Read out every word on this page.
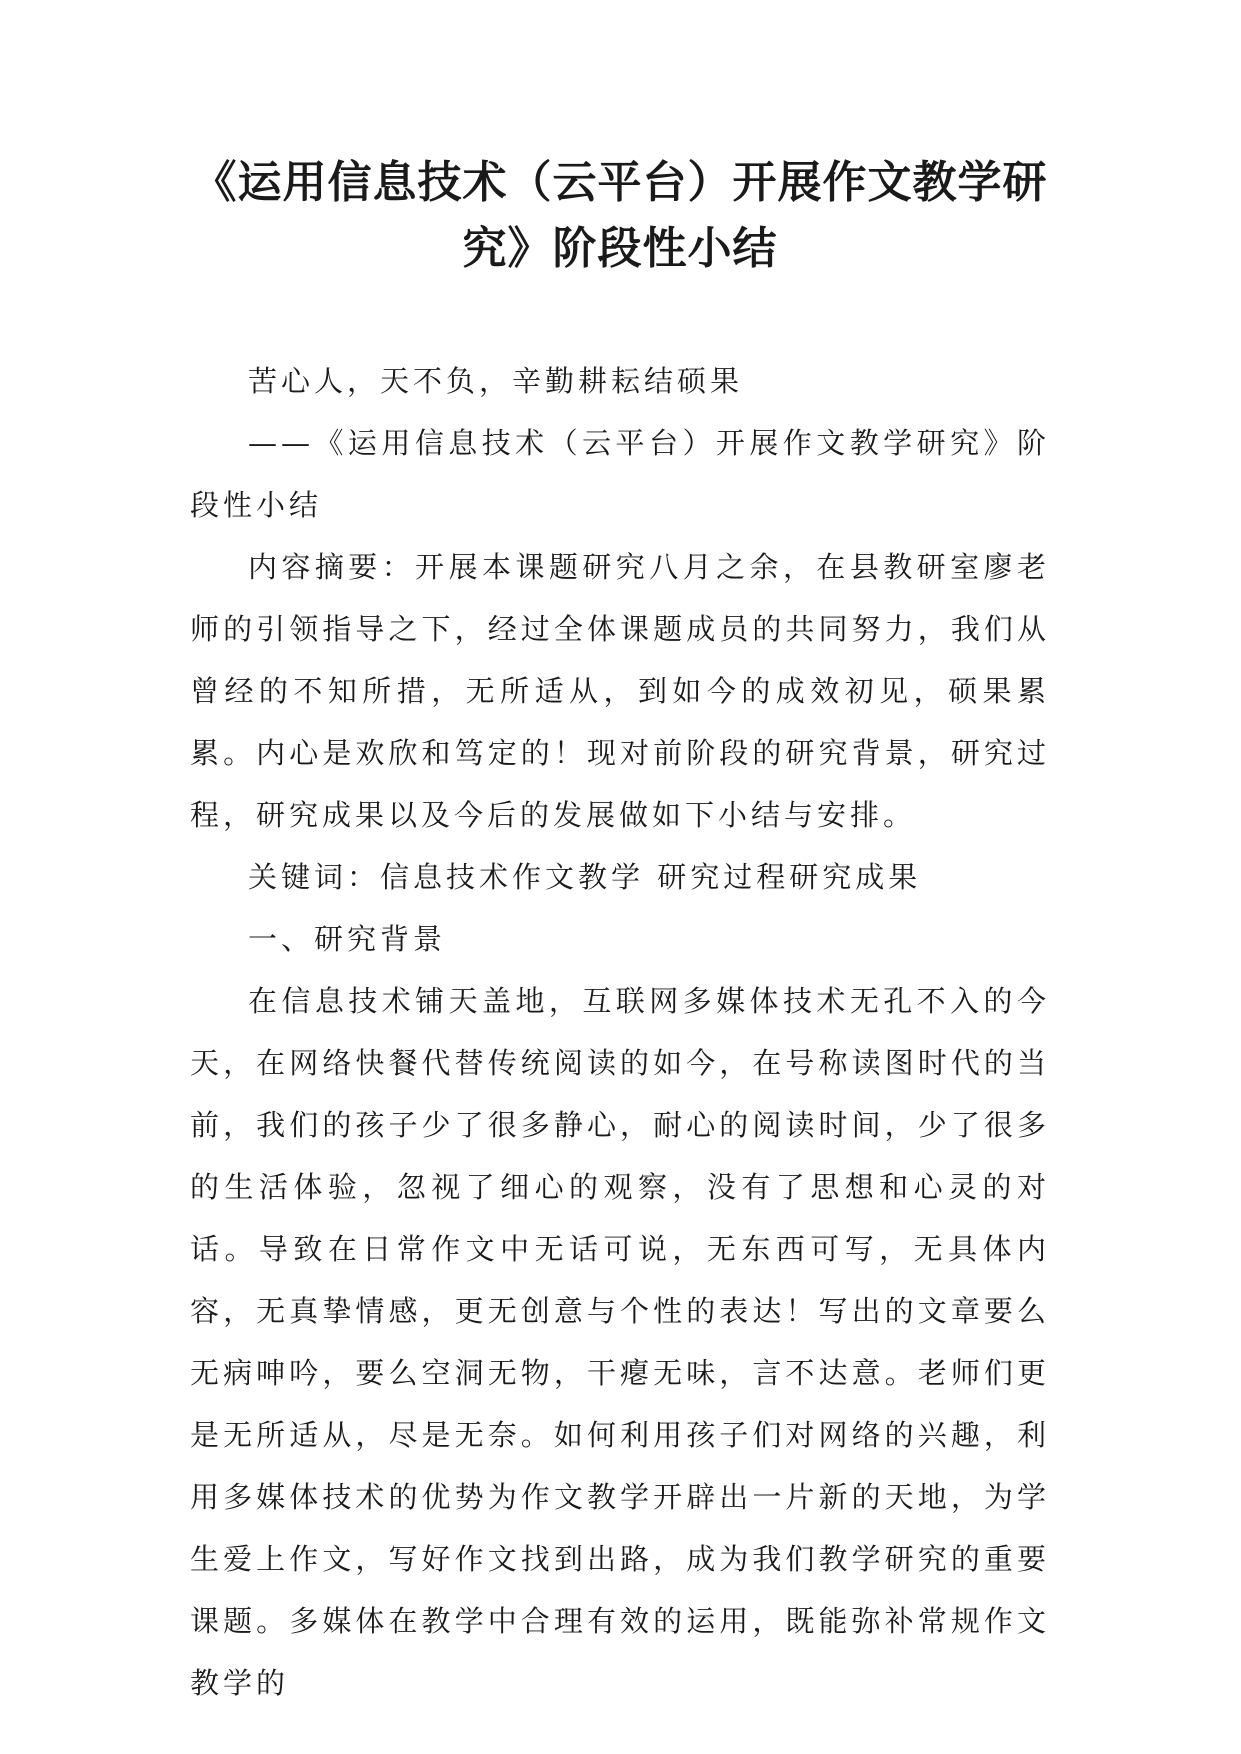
《运用信息技术（云平台）开展作文教学研
究》阶段性小结

苦心人，天不负，辛勤耕耘结硕果

——《运用信息技术（云平台）开展作文教学研究》阶段性小结

内容摘要：开展本课题研究八月之余，在县教研室廖老师的引领指导之下，经过全体课题成员的共同努力，我们从曾经的不知所措，无所适从，到如今的成效初见，硕果累累。内心是欢欣和笃定的！现对前阶段的研究背景，研究过程，研究成果以及今后的发展做如下小结与安排。

关键词：信息技术作文教学 研究过程研究成果

一、研究背景

在信息技术铺天盖地，互联网多媒体技术无孔不入的今天，在网络快餐代替传统阅读的如今，在号称读图时代的当前，我们的孩子少了很多静心，耐心的阅读时间，少了很多的生活体验，忽视了细心的观察，没有了思想和心灵的对话。导致在日常作文中无话可说，无东西可写，无具体内容，无真挚情感，更无创意与个性的表达！写出的文章要么无病呻吟，要么空洞无物，干瘪无味，言不达意。老师们更是无所适从，尽是无奈。如何利用孩子们对网络的兴趣，利用多媒体技术的优势为作文教学开辟出一片新的天地，为学生爱上作文，写好作文找到出路，成为我们教学研究的重要课题。多媒体在教学中合理有效的运用，既能弥补常规作文教学的
